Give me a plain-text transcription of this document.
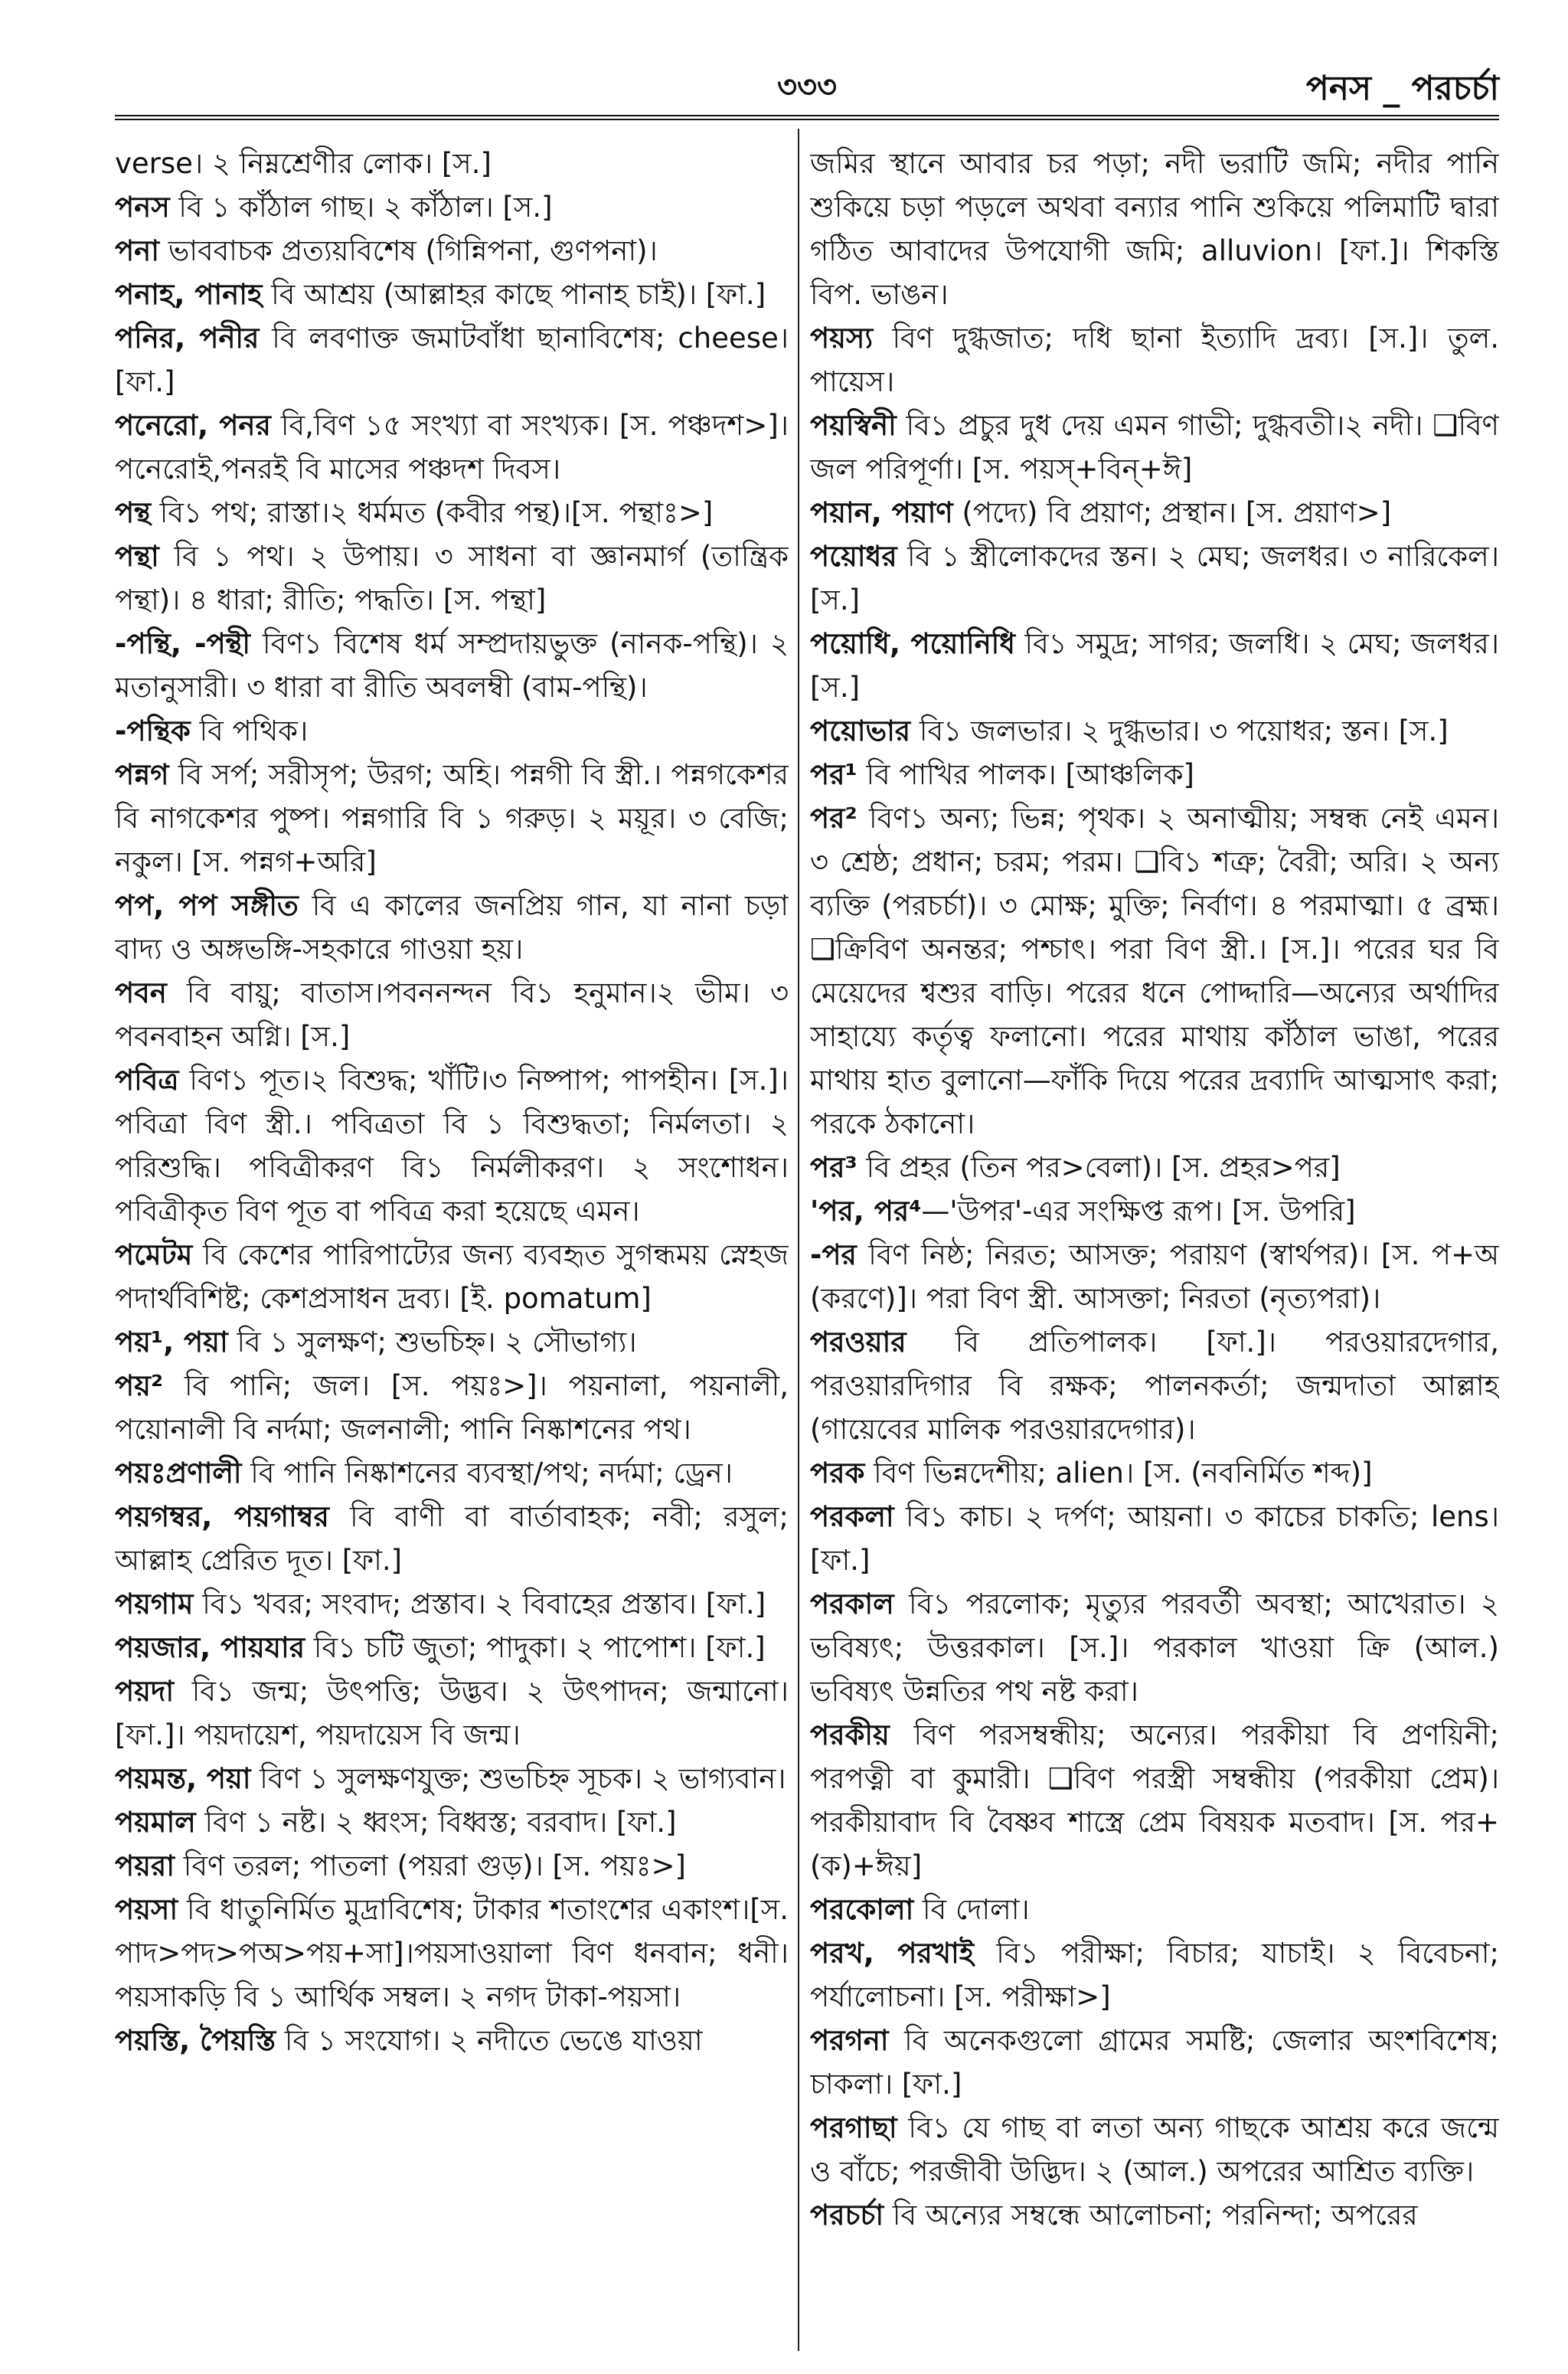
৩৩৩	পনস _ পরচর্চা

verse। ২ নিম্নশ্রেণীর লোক। [স.]

পনস বি ১ কাঁঠাল গাছ। ২ কাঁঠাল। [স.]

পনা ভাববাচক প্রত্যয়বিশেষ (গিন্নিপনা, গুণপনা)।

পনাহ, পানাহ বি আশ্রয় (আল্লাহর কাছে পানাহ চাই)। [ফা.]

পনির, পনীর বি লবণাক্ত জমাটবাঁধা ছানাবিশেষ; cheese। [ফা.]

পনেরো, পনর বি,বিণ ১৫ সংখ্যা বা সংখ্যক। [স. পঞ্চদশ>]।পনেরোই,পনরই বি মাসের পঞ্চদশ দিবস।

পন্থ বি১ পথ; রাস্তা।২ ধর্মমত (কবীর পন্থ)।[স. পন্থাঃ>]

পন্থা বি ১ পথ। ২ উপায়। ৩ সাধনা বা জ্ঞানমার্গ (তান্ত্রিক পন্থা)। ৪ ধারা; রীতি; পদ্ধতি। [স. পন্থা]

-পন্থি, -পন্থী বিণ১ বিশেষ ধর্ম সম্প্রদায়ভুক্ত (নানক-পন্থি)। ২ মতানুসারী। ৩ ধারা বা রীতি অবলম্বী (বাম-পন্থি)।

-পন্থিক বি পথিক।

পন্নগ বি সর্প; সরীসৃপ; উরগ; অহি। পন্নগী বি স্ত্রী.। পন্নগকেশর বি নাগকেশর পুষ্প। পন্নগারি বি ১ গরুড়। ২ ময়ূর। ৩ বেজি; নকুল। [স. পন্নগ+অরি]

পপ, পপ সঙ্গীত বি এ কালের জনপ্রিয় গান, যা নানা চড়া বাদ্য ও অঙ্গভঙ্গি-সহকারে গাওয়া হয়।

পবন বি বায়ু; বাতাস।পবননন্দন বি১ হনুমান।২ ভীম। ৩ পবনবাহন অগ্নি। [স.]

পবিত্র বিণ১ পূত।২ বিশুদ্ধ; খাঁটি।৩ নিষ্পাপ; পাপহীন। [স.]। পবিত্রা বিণ স্ত্রী.। পবিত্রতা বি ১ বিশুদ্ধতা; নির্মলতা। ২ পরিশুদ্ধি। পবিত্রীকরণ বি১ নির্মলীকরণ। ২ সংশোধন। পবিত্রীকৃত বিণ পূত বা পবিত্র করা হয়েছে এমন।

পমেটম বি কেশের পারিপাট্যের জন্য ব্যবহৃত সুগন্ধময় স্নেহজ পদার্থবিশিষ্ট; কেশপ্রসাধন দ্রব্য। [ই. pomatum]

পয়¹, পয়া বি ১ সুলক্ষণ; শুভচিহ্ন। ২ সৌভাগ্য।

পয়² বি পানি; জল। [স. পয়ঃ>]। পয়নালা, পয়নালী, পয়োনালী বি নর্দমা; জলনালী; পানি নিষ্কাশনের পথ।

পয়ঃপ্রণালী বি পানি নিষ্কাশনের ব্যবস্থা/পথ; নর্দমা; ড্রেন।

পয়গম্বর, পয়গাম্বর বি বাণী বা বার্তাবাহক; নবী; রসুল; আল্লাহ প্রেরিত দূত। [ফা.]

পয়গাম বি১ খবর; সংবাদ; প্রস্তাব। ২ বিবাহের প্রস্তাব। [ফা.]

পয়জার, পায়যার বি১ চটি জুতা; পাদুকা। ২ পাপোশ। [ফা.]

পয়দা বি১ জন্ম; উৎপত্তি; উদ্ভব। ২ উৎপাদন; জন্মানো। [ফা.]। পয়দায়েশ, পয়দায়েস বি জন্ম।

পয়মন্ত, পয়া বিণ ১ সুলক্ষণযুক্ত; শুভচিহ্ন সূচক। ২ ভাগ্যবান।

পয়মাল বিণ ১ নষ্ট। ২ ধ্বংস; বিধ্বস্ত; বরবাদ। [ফা.]

পয়রা বিণ তরল; পাতলা (পয়রা গুড়)। [স. পয়ঃ>]

পয়সা বি ধাতুনির্মিত মুদ্রাবিশেষ; টাকার শতাংশের একাংশ।[স. পাদ>পদ>পঅ>পয়+সা]।পয়সাওয়ালা বিণ ধনবান; ধনী। পয়সাকড়ি বি ১ আর্থিক সম্বল। ২ নগদ টাকা-পয়সা।

পয়স্তি, পৈয়স্তি বি ১ সংযোগ। ২ নদীতে ভেঙে যাওয়া

জমির স্থানে আবার চর পড়া; নদী ভরাটি জমি; নদীর পানি শুকিয়ে চড়া পড়লে অথবা বন্যার পানি শুকিয়ে পলিমাটি দ্বারা গঠিত আবাদের উপযোগী জমি; alluvion। [ফা.]। শিকস্তি বিপ. ভাঙন।

পয়স্য বিণ দুগ্ধজাত; দধি ছানা ইত্যাদি দ্রব্য। [স.]। তুল. পায়েস।

পয়স্বিনী বি১ প্রচুর দুধ দেয় এমন গাভী; দুগ্ধবতী।২ নদী। ❑বিণ জল পরিপূর্ণা। [স. পয়স্+বিন্+ঈ]

পয়ান, পয়াণ (পদ্যে) বি প্রয়াণ; প্রস্থান। [স. প্রয়াণ>]

পয়োধর বি ১ স্ত্রীলোকদের স্তন। ২ মেঘ; জলধর। ৩ নারিকেল। [স.]

পয়োধি, পয়োনিধি বি১ সমুদ্র; সাগর; জলধি। ২ মেঘ; জলধর। [স.]

পয়োভার বি১ জলভার। ২ দুগ্ধভার। ৩ পয়োধর; স্তন। [স.]

পর¹ বি পাখির পালক। [আঞ্চলিক]

পর² বিণ১ অন্য; ভিন্ন; পৃথক। ২ অনাত্মীয়; সম্বন্ধ নেই এমন। ৩ শ্রেষ্ঠ; প্রধান; চরম; পরম। ❑বি১ শত্রু; বৈরী; অরি। ২ অন্য ব্যক্তি (পরচর্চা)। ৩ মোক্ষ; মুক্তি; নির্বাণ। ৪ পরমাত্মা। ৫ ব্রহ্ম। ❑ক্রিবিণ অনন্তর; পশ্চাৎ। পরা বিণ স্ত্রী.। [স.]। পরের ঘর বি মেয়েদের শ্বশুর বাড়ি। পরের ধনে পোদ্দারি—অন্যের অর্থাদির সাহায্যে কর্তৃত্ব ফলানো। পরের মাথায় কাঁঠাল ভাঙা, পরের মাথায় হাত বুলানো—ফাঁকি দিয়ে পরের দ্রব্যাদি আত্মসাৎ করা; পরকে ঠকানো।

পর³ বি প্রহর (তিন পর>বেলা)। [স. প্রহর>পর]

'পর, পর⁴—'উপর'-এর সংক্ষিপ্ত রূপ। [স. উপরি]

-পর বিণ নিষ্ঠ; নিরত; আসক্ত; পরায়ণ (স্বার্থপর)। [স. প+অ (করণে)]। পরা বিণ স্ত্রী. আসক্তা; নিরতা (নৃত্যপরা)।

পরওয়ার বি প্রতিপালক। [ফা.]। পরওয়ারদেগার, পরওয়ারদিগার বি রক্ষক; পালনকর্তা; জন্মদাতা আল্লাহ (গায়েবের মালিক পরওয়ারদেগার)।

পরক বিণ ভিন্নদেশীয়; alien। [স. (নবনির্মিত শব্দ)]

পরকলা বি১ কাচ। ২ দর্পণ; আয়না। ৩ কাচের চাকতি; lens। [ফা.]

পরকাল বি১ পরলোক; মৃত্যুর পরবর্তী অবস্থা; আখেরাত। ২ ভবিষ্যৎ; উত্তরকাল। [স.]। পরকাল খাওয়া ক্রি (আল.) ভবিষ্যৎ উন্নতির পথ নষ্ট করা।

পরকীয় বিণ পরসম্বন্ধীয়; অন্যের। পরকীয়া বি প্রণয়িনী; পরপত্নী বা কুমারী। ❑বিণ পরস্ত্রী সম্বন্ধীয় (পরকীয়া প্রেম)। পরকীয়াবাদ বি বৈষ্ণব শাস্ত্রে প্রেম বিষয়ক মতবাদ। [স. পর+(ক)+ঈয়]

পরকোলা বি দোলা।

পরখ, পরখাই বি১ পরীক্ষা; বিচার; যাচাই। ২ বিবেচনা; পর্যালোচনা। [স. পরীক্ষা>]

পরগনা বি অনেকগুলো গ্রামের সমষ্টি; জেলার অংশবিশেষ; চাকলা। [ফা.]

পরগাছা বি১ যে গাছ বা লতা অন্য গাছকে আশ্রয় করে জন্মে ও বাঁচে; পরজীবী উদ্ভিদ। ২ (আল.) অপরের আশ্রিত ব্যক্তি।

পরচর্চা বি অন্যের সম্বন্ধে আলোচনা; পরনিন্দা; অপরের
